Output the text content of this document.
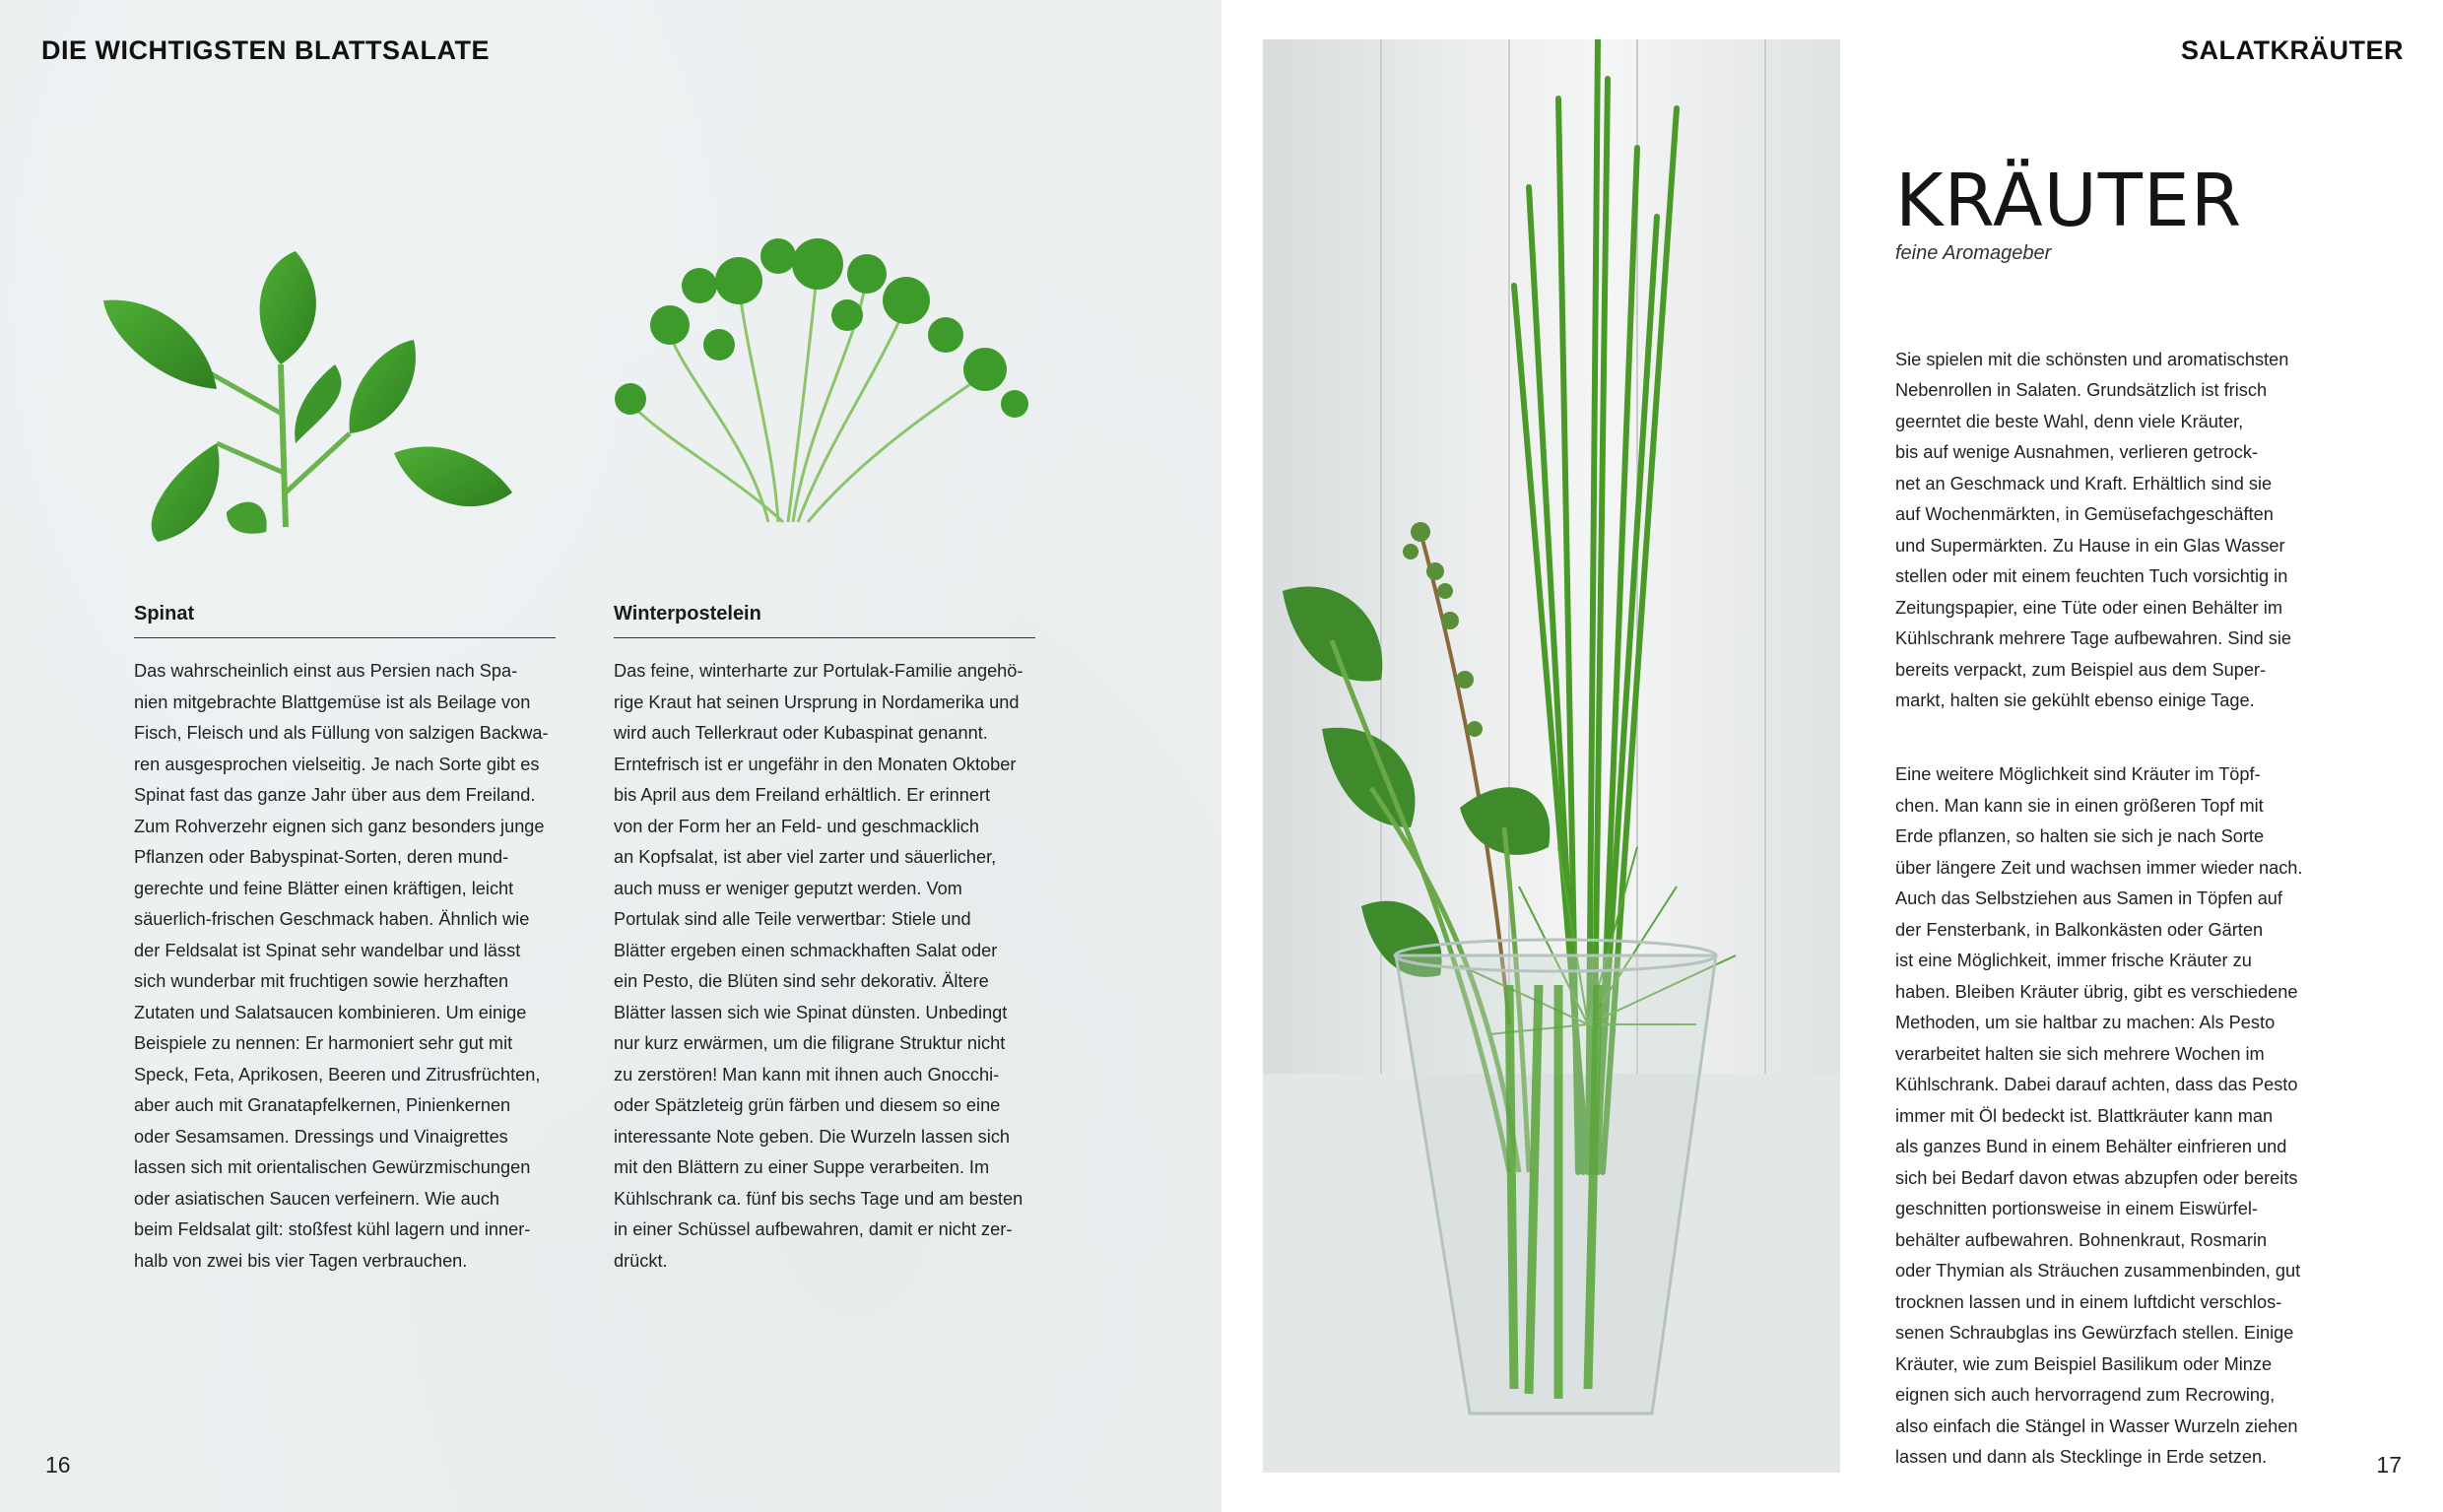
DIE WICHTIGSTEN BLATTSALATE
Spinat
Das wahrscheinlich einst aus Persien nach Spa-
nien mitgebrachte Blattgemüse ist als Beilage von
Fisch, Fleisch und als Füllung von salzigen Backwa-
ren ausgesprochen vielseitig. Je nach Sorte gibt es
Spinat fast das ganze Jahr über aus dem Freiland.
Zum Rohverzehr eignen sich ganz besonders junge
Pflanzen oder Babyspinat-Sorten, deren mund-
gerechte und feine Blätter einen kräftigen, leicht
säuerlich-frischen Geschmack haben. Ähnlich wie
der Feldsalat ist Spinat sehr wandelbar und lässt
sich wunderbar mit fruchtigen sowie herzhaften
Zutaten und Salatsaucen kombinieren. Um einige
Beispiele zu nennen: Er harmoniert sehr gut mit
Speck, Feta, Aprikosen, Beeren und Zitrusfrüchten,
aber auch mit Granatapfelkernen, Pinienkernen
oder Sesamsamen. Dressings und Vinaigrettes
lassen sich mit orientalischen Gewürzmischungen
oder asiatischen Saucen verfeinern. Wie auch
beim Feldsalat gilt: stoßfest kühl lagern und inner-
halb von zwei bis vier Tagen verbrauchen.
Winterpostelein
Das feine, winterharte zur Portulak-Familie angehö-
rige Kraut hat seinen Ursprung in Nordamerika und
wird auch Tellerkraut oder Kubaspinat genannt.
Erntefrisch ist er ungefähr in den Monaten Oktober
bis April aus dem Freiland erhältlich. Er erinnert
von der Form her an Feld- und geschmacklich
an Kopfsalat, ist aber viel zarter und säuerlicher,
auch muss er weniger geputzt werden. Vom
Portulak sind alle Teile verwertbar: Stiele und
Blätter ergeben einen schmackhaften Salat oder
ein Pesto, die Blüten sind sehr dekorativ. Ältere
Blätter lassen sich wie Spinat dünsten. Unbedingt
nur kurz erwärmen, um die filigrane Struktur nicht
zu zerstören! Man kann mit ihnen auch Gnocchi-
oder Spätzleteig grün färben und diesem so eine
interessante Note geben. Die Wurzeln lassen sich
mit den Blättern zu einer Suppe verarbeiten. Im
Kühlschrank ca. fünf bis sechs Tage und am besten
in einer Schüssel aufbewahren, damit er nicht zer-
drückt.
16
SALATKRÄUTER
KRÄUTER
feine Aromageber

Sie spielen mit die schönsten und aromatischsten
Nebenrollen in Salaten. Grundsätzlich ist frisch
geerntet die beste Wahl, denn viele Kräuter,
bis auf wenige Ausnahmen, verlieren getrock-
net an Geschmack und Kraft. Erhältlich sind sie
auf Wochenmärkten, in Gemüsefachgeschäften
und Supermärkten. Zu Hause in ein Glas Wasser
stellen oder mit einem feuchten Tuch vorsichtig in
Zeitungspapier, eine Tüte oder einen Behälter im
Kühlschrank mehrere Tage aufbewahren. Sind sie
bereits verpackt, zum Beispiel aus dem Super-
markt, halten sie gekühlt ebenso einige Tage.

Eine weitere Möglichkeit sind Kräuter im Töpf-
chen. Man kann sie in einen größeren Topf mit
Erde pflanzen, so halten sie sich je nach Sorte
über längere Zeit und wachsen immer wieder nach.
Auch das Selbstziehen aus Samen in Töpfen auf
der Fensterbank, in Balkonkästen oder Gärten
ist eine Möglichkeit, immer frische Kräuter zu
haben. Bleiben Kräuter übrig, gibt es verschiedene
Methoden, um sie haltbar zu machen: Als Pesto
verarbeitet halten sie sich mehrere Wochen im
Kühlschrank. Dabei darauf achten, dass das Pesto
immer mit Öl bedeckt ist. Blattkräuter kann man
als ganzes Bund in einem Behälter einfrieren und
sich bei Bedarf davon etwas abzupfen oder bereits
geschnitten portionsweise in einem Eiswürfel-
behälter aufbewahren. Bohnenkraut, Rosmarin
oder Thymian als Sträuchen zusammenbinden, gut
trocknen lassen und in einem luftdicht verschlos-
senen Schraubglas ins Gewürzfach stellen. Einige
Kräuter, wie zum Beispiel Basilikum oder Minze
eignen sich auch hervorragend zum Recrowing,
also einfach die Stängel in Wasser Wurzeln ziehen
lassen und dann als Stecklinge in Erde setzen.	17
